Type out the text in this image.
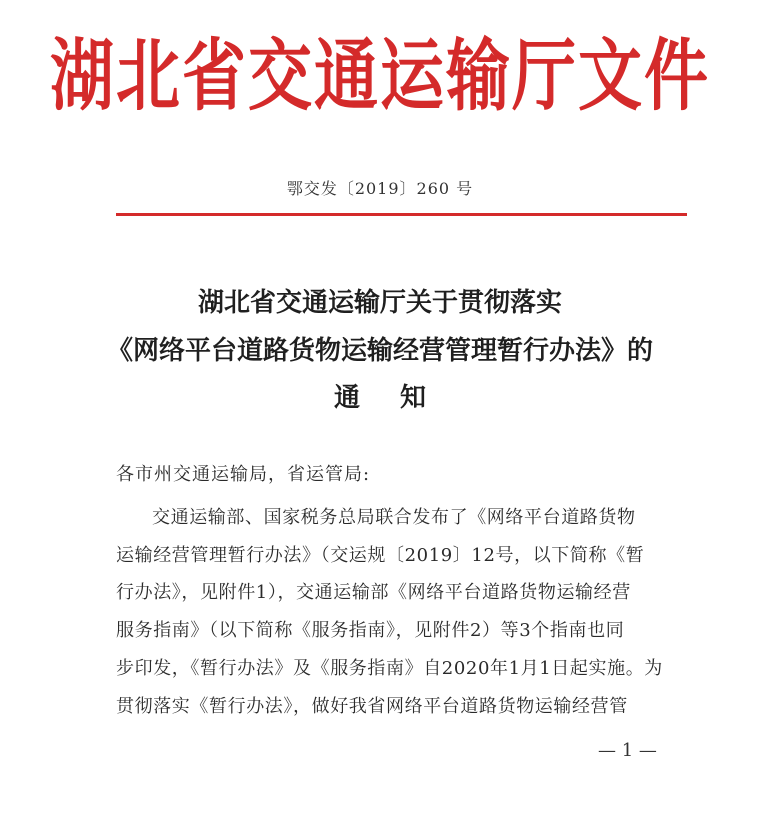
湖北省交通运输厅文件
鄂交发〔2019〕260 号
湖北省交通运输厅关于贯彻落实
《网络平台道路货物运输经营管理暂行办法》的
通知
各市州交通运输局，省运管局:
交通运输部、国家税务总局联合发布了《网络平台道路货物
运输经营管理暂行办法》（交运规〔2019〕12号，以下简称《暂
行办法》，见附件1），交通运输部《网络平台道路货物运输经营
服务指南》（以下简称《服务指南》，见附件2）等3个指南也同
步印发，《暂行办法》及《服务指南》自2020年1月1日起实施。为
贯彻落实《暂行办法》，做好我省网络平台道路货物运输经营管
— 1 —
